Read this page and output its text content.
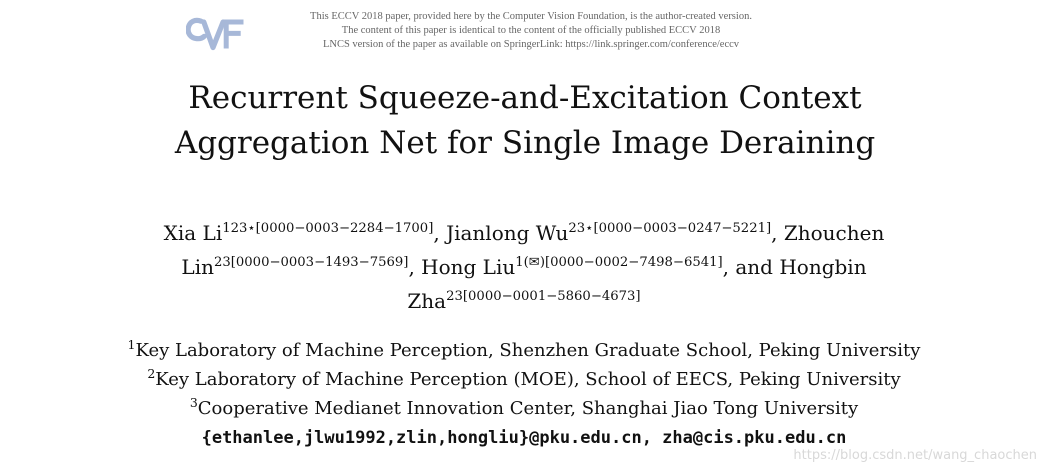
This ECCV 2018 paper, provided here by the Computer Vision Foundation, is the author-created version.
The content of this paper is identical to the content of the officially published ECCV 2018
LNCS version of the paper as available on SpringerLink: https://link.springer.com/conference/eccv
Recurrent Squeeze-and-Excitation Context
Aggregation Net for Single Image Deraining
Xia $Li^{123⋆[0000-0003-2284-1700]}$, Jianlong $Wu^{23⋆[0000-0003-0247-5221]}$, Zhouchen
Lin$^{23[0000-0003-1493-7569]}$, Hong Liu$^{1(✉)[0000-0002-7498-6541]}$, and Hongbin
Zha$^{23[0000-0001-5860-4673]}$
$^1$Key Laboratory of Machine Perception, Shenzhen Graduate School, Peking University
$^2$Key Laboratory of Machine Perception (MOE), School of EECS, Peking University
$^3$Cooperative Medianet Innovation Center, Shanghai Jiao Tong University
{ethanlee,jlwu1992,zlin,hongliu}@pku.edu.cn, zha@cis.pku.edu.cn
https://blog.csdn.net/wang_chaochen
